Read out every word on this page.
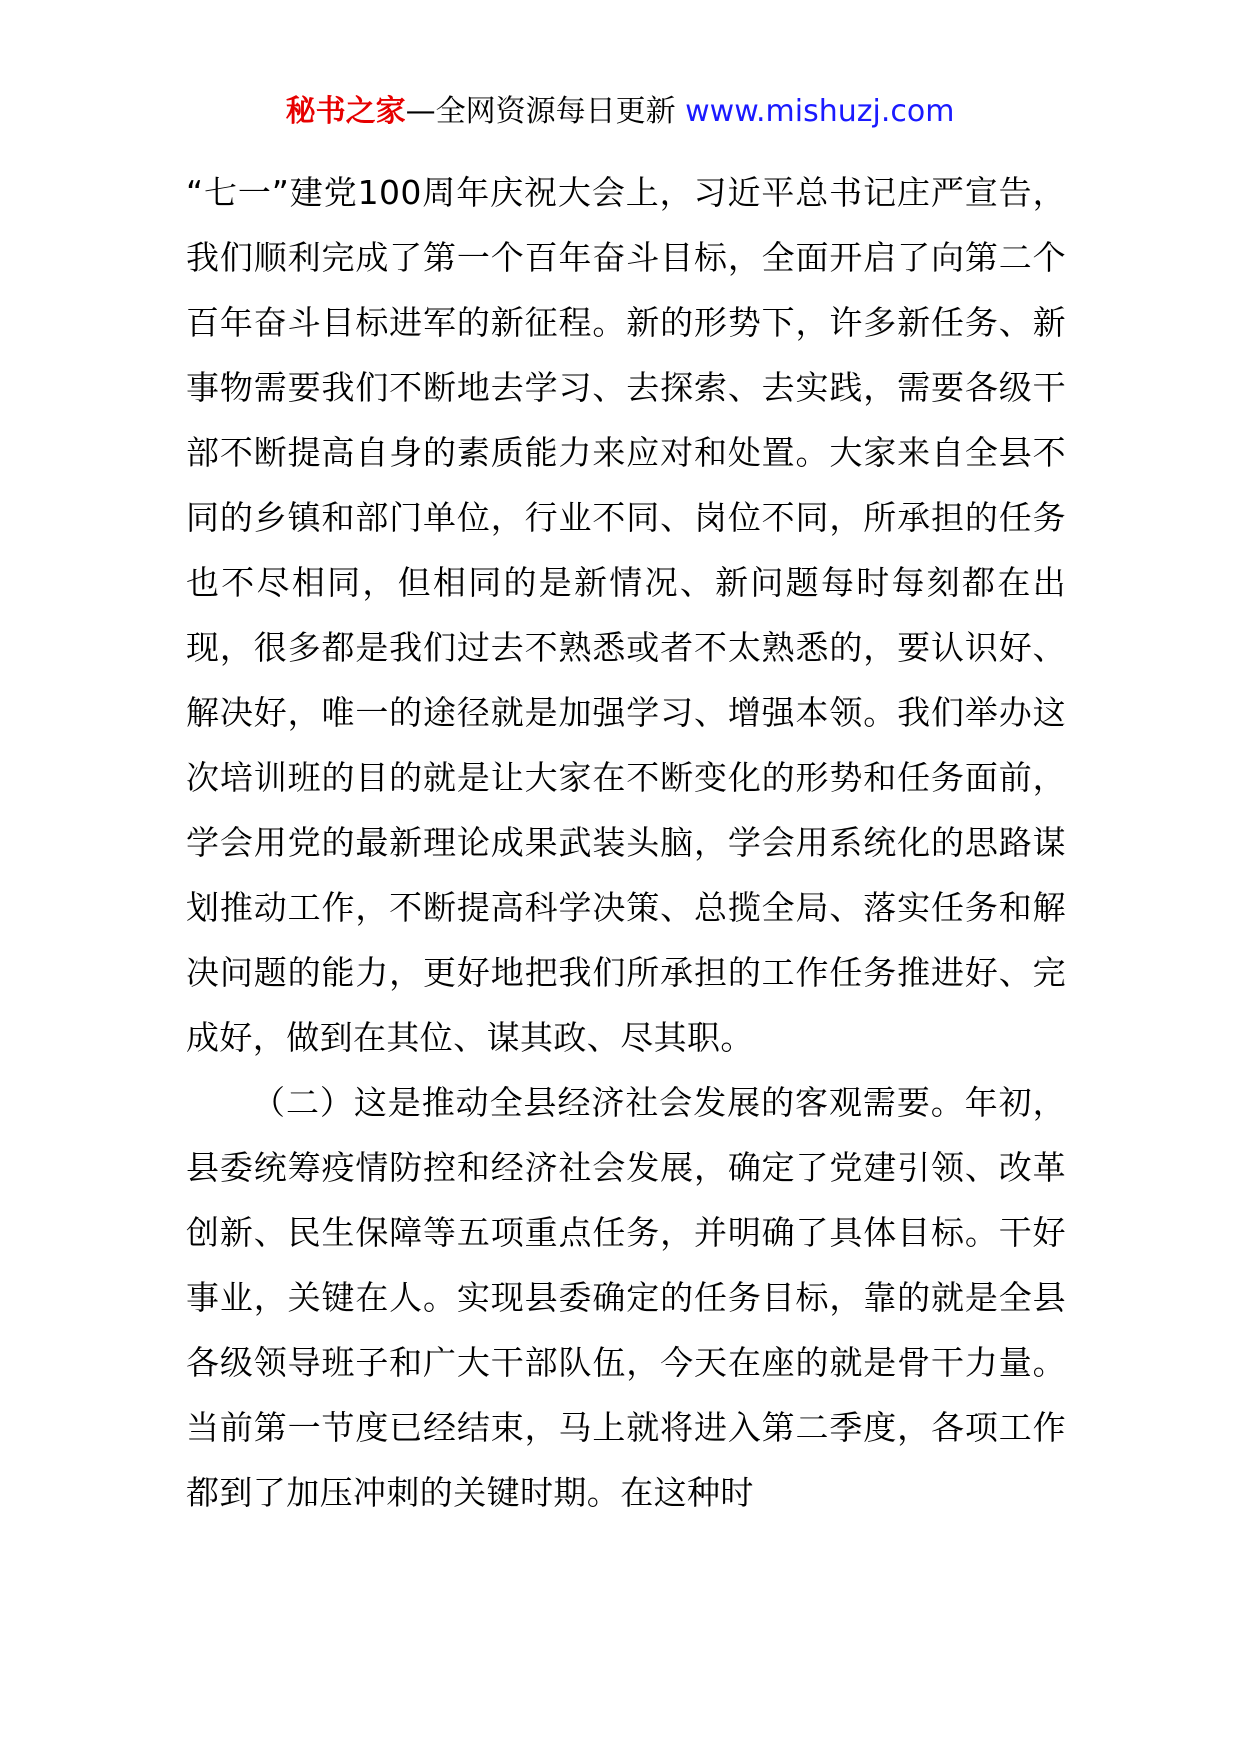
秘书之家—全网资源每日更新 www.mishuzj.com

“七一”建党100周年庆祝大会上，习近平总书记庄严宣告，我们顺利完成了第一个百年奋斗目标，全面开启了向第二个百年奋斗目标进军的新征程。新的形势下，许多新任务、新事物需要我们不断地去学习、去探索、去实践，需要各级干部不断提高自身的素质能力来应对和处置。大家来自全县不同的乡镇和部门单位，行业不同、岗位不同，所承担的任务也不尽相同，但相同的是新情况、新问题每时每刻都在出现，很多都是我们过去不熟悉或者不太熟悉的，要认识好、解决好，唯一的途径就是加强学习、增强本领。我们举办这次培训班的目的就是让大家在不断变化的形势和任务面前，学会用党的最新理论成果武装头脑，学会用系统化的思路谋划推动工作，不断提高科学决策、总揽全局、落实任务和解决问题的能力，更好地把我们所承担的工作任务推进好、完成好，做到在其位、谋其政、尽其职。

（二）这是推动全县经济社会发展的客观需要。年初，县委统筹疫情防控和经济社会发展，确定了党建引领、改革创新、民生保障等五项重点任务，并明确了具体目标。干好事业，关键在人。实现县委确定的任务目标，靠的就是全县各级领导班子和广大干部队伍，今天在座的就是骨干力量。当前第一节度已经结束，马上就将进入第二季度，各项工作都到了加压冲刺的关键时期。在这种时
